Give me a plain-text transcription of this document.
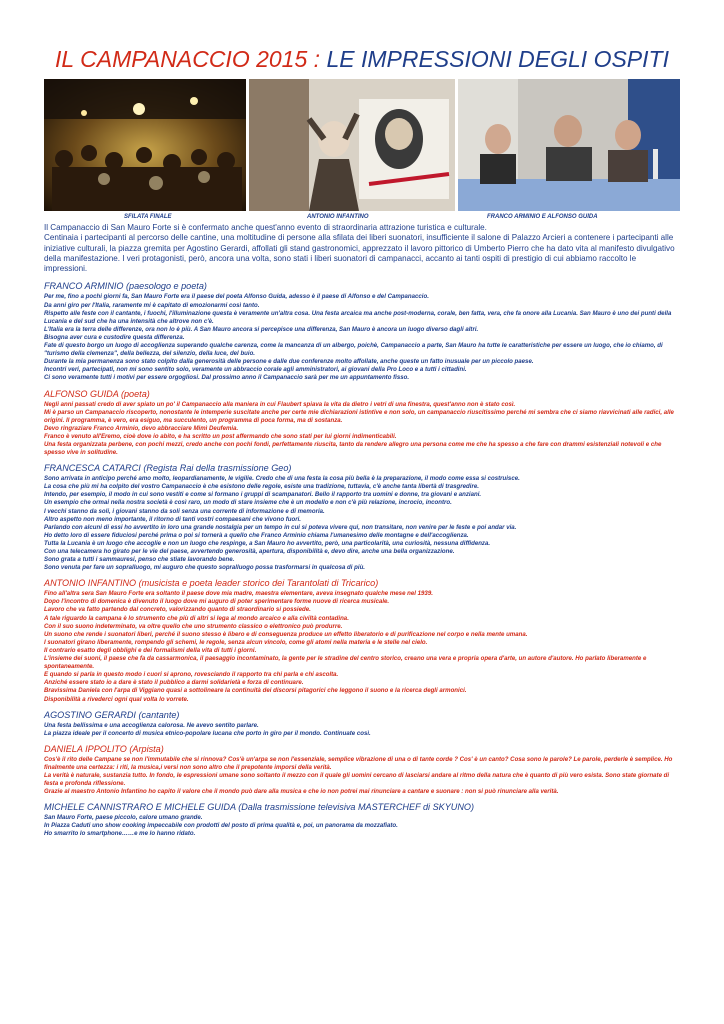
IL CAMPANACCIO 2015 : LE IMPRESSIONI DEGLI OSPITI
SFILATA FINALE	ANTONIO INFANTINO	FRANCO ARMINIO E ALFONSO GUIDA

Il Campanaccio di San Mauro Forte si è confermato anche quest'anno evento di straordinaria attrazione turistica e culturale.
Centinaia i partecipanti al percorso delle cantine, una moltitudine di persone alla sfilata dei liberi suonatori, insufficiente il salone di Palazzo Arcieri a contenere i partecipanti alle iniziative culturali, la piazza gremita per Agostino Gerardi, affollati gli stand gastronomici, apprezzato il lavoro pittorico di Umberto Pierro che ha dato vita al manifesto divulgativo della manifestazione. I veri protagonisti, però, ancora una volta, sono stati i liberi suonatori di campanacci, accanto ai tanti ospiti di prestigio di cui abbiamo raccolto le impressioni.

FRANCO ARMINIO (paesologo e poeta)
Per me, fino a pochi giorni fa, San Mauro Forte era il paese del poeta Alfonso Guida, adesso è il paese di Alfonso e del Campanaccio.
Da anni giro per l'Italia, raramente mi è capitato di emozionarmi così tanto.
Rispetto alle feste con il cantante, i fuochi, l'illuminazione questa è veramente un'altra cosa. Una festa arcaica ma anche post-moderna, corale, ben fatta, vera, che fa onore alla Lucania. San Mauro è uno dei punti della Lucania e del sud che ha una intensità che altrove non c'è.
L'Italia era la terra delle differenze, ora non lo è più. A San Mauro ancora si percepisce una differenza, San Mauro è ancora un luogo diverso dagli altri.
Bisogna aver cura e custodire questa differenza.
Fate di questo borgo un luogo di accoglienza superando qualche carenza, come la mancanza di un albergo, poichè, Campanaccio a parte, San Mauro ha tutte le caratteristiche per essere un luogo, che io chiamo, di "turismo della clemenza", della bellezza, del silenzio, della luce, del buio.
Durante la mia permanenza sono stato colpito dalla generosità delle persone e dalle due conferenze molto affollate, anche queste un fatto inusuale per un piccolo paese.
Incontri veri, partecipati, non mi sono sentito solo, veramente un abbraccio corale agli amministratori, ai giovani della Pro Loco e a tutti i cittadini.
Ci sono veramente tutti i motivi per essere orgogliosi. Dal prossimo anno il Campanaccio sarà per me un appuntamento fisso.
ALFONSO GUIDA (poeta)
Negli anni passati credo di aver spiato un po' il Campanaccio alla maniera in cui Flaubert spiava la vita da dietro i vetri di una finestra, quest'anno non è stato così.
Mi è parso un Campanaccio riscoperto, nonostante le intemperie suscitate anche per certe mie dichiarazioni istintive e non solo, un campanaccio riuscitissimo perché mi sembra che ci siamo riavvicinati alle radici, alle origini. Il programma, è vero, era esiguo, ma succulento, un programma di poca forma, ma di sostanza.
Devo ringraziare Franco Arminio, devo abbracciare Mimì Deufemia.
Franco è venuto all'Eremo, cioè dove io abito, e ha scritto un post affermando che sono stati per lui giorni indimenticabili.
Una festa organizzata perbene, con pochi mezzi, credo anche con pochi fondi, perfettamente riuscita, tanto da rendere allegro una persona come me che ha spesso a che fare con drammi esistenziali notevoli e che spesso vive in solitudine.
FRANCESCA CATARCI (Regista Rai della trasmissione Geo)
Sono arrivata in anticipo perché amo molto, leopardianamente, le vigilie. Credo che di una festa la cosa più bella è la preparazione, il modo come essa si costruisce.
La cosa che più mi ha colpito del vostro Campanaccio è che esistono delle regole, esiste una tradizione, tuttavia, c'è anche tanta libertà di trasgredire.
Intendo, per esempio, il modo in cui sono vestiti e come si formano i gruppi di scampanatori. Bello il rapporto tra uomini e donne, tra giovani e anziani.
Un esempio che ormai nella nostra società è così raro, un modo di stare insieme che è un modello e non c'è più relazione, incrocio, incontro.
I vecchi stanno da soli, i giovani stanno da soli senza una corrente di informazione e di memoria.
Altro aspetto non meno importante, il ritorno di tanti vostri compaesani che vivono fuori.
Parlando con alcuni di essi ho avvertito in loro una grande nostalgia per un tempo in cui si poteva vivere qui, non transitare, non venire per le feste e poi andar via.
Ho detto loro di essere fiduciosi perché prima o poi si tornerà a quello che Franco Arminio chiama l'umanesimo delle montagne e dell'accoglienza.
Tutta la Lucania è un luogo che accoglie e non un luogo che respinge, a San Mauro ho avvertito, però, una particolarità, una curiosità, nessuna diffidenza.
Con una telecamera ho girato per le vie del paese, avvertendo generosità, apertura, disponibilità e, devo dire, anche una bella organizzazione.
Sono grata a tutti i sammauresi, penso che stiate lavorando bene.
Sono venuta per fare un sopralluogo, mi auguro che questo sopralluogo possa trasformarsi in qualcosa di più.
ANTONIO INFANTINO (musicista e poeta leader storico dei Tarantolati di Tricarico)
Fino all'altra sera San Mauro Forte era soltanto il paese dove mia madre, maestra elementare, aveva insegnato qualche mese nel 1939.
Dopo l'incontro di domenica è divenuto il luogo dove mi auguro di poter sperimentare forme nuove di ricerca musicale.
Lavoro che va fatto partendo dal concreto, valorizzando quanto di straordinario si possiede.
A tale riguardo la campana è lo strumento che più di altri si lega al mondo arcaico e alla civiltà contadina.
Con il suo suono indeterminato, va oltre quello che uno strumento classico o elettronico può produrre.
Un suono che rende i suonatori liberi, perché il suono stesso è libero e di conseguenza produce un effetto liberatorio e di purificazione nel corpo e nella mente umana.
I suonatori girano liberamente, rompendo gli schemi, le regole, senza alcun vincolo, come gli atomi nella materia e le stelle nel cielo.
Il contrario esatto degli obblighi e dei formalismi della vita di tutti i giorni.
L'insieme dei suoni, il paese che fa da cassarmonica, il paesaggio incontaminato, la gente per le stradine del centro storico, creano una vera e propria opera d'arte, un autore d'autore. Ho parlato liberamente e spontaneamente.
E quando si parla in questo modo i cuori si aprono, rovesciando il rapporto tra chi parla e chi ascolta.
Anziché essere stato io a dare è stato il pubblico a darmi solidarietà e forza di continuare.
Bravissima Daniela con l'arpa di Viggiano quasi a sottolineare la continuità dei discorsi pitagorici che leggono il suono e la ricerca degli armonici.
Disponibilità a rivederci ogni qual volta lo vorrete.
AGOSTINO GERARDI (cantante)
Una festa bellissima e una accoglienza calorosa. Ne avevo sentito parlare.
La piazza ideale per il concerto di musica etnico-popolare lucana che porto in giro per il mondo. Continuate così.
DANIELA IPPOLITO (Arpista)
Cos'è il rito delle Campane se non l'immutabile che si rinnova? Cos'è un'arpa se non l'essenziale, semplice vibrazione di una o di tante corde ? Cos' è un canto? Cosa sono le parole? Le parole, perderle è semplice. Ho finalmente una certezza: i riti, la musica,i versi non sono altro che il prepotente imporsi della verità.
La verità è naturale, sustanzia tutto. In fondo, le espressioni umane sono soltanto il mezzo con il quale gli uomini cercano di lasciarsi andare al ritmo della natura che è quanto di più vero esista. Sono state giornate di festa e profonda riflessione.
Grazie al maestro Antonio Infantino ho capito il valore che il mondo può dare alla musica e che io non potrei mai rinunciare a cantare e suonare : non si può rinunciare alla verità.
MICHELE CANNISTRARO E MICHELE GUIDA (Dalla trasmissione televisiva MASTERCHEF di SKYUNO)
San Mauro Forte, paese piccolo, calore umano grande.
In Piazza Caduti uno show cooking impeccabile con prodotti del posto di prima qualità e, poi, un panorama da mozzafiato.
Ho smarrito lo smartphone……e me lo hanno ridato.
